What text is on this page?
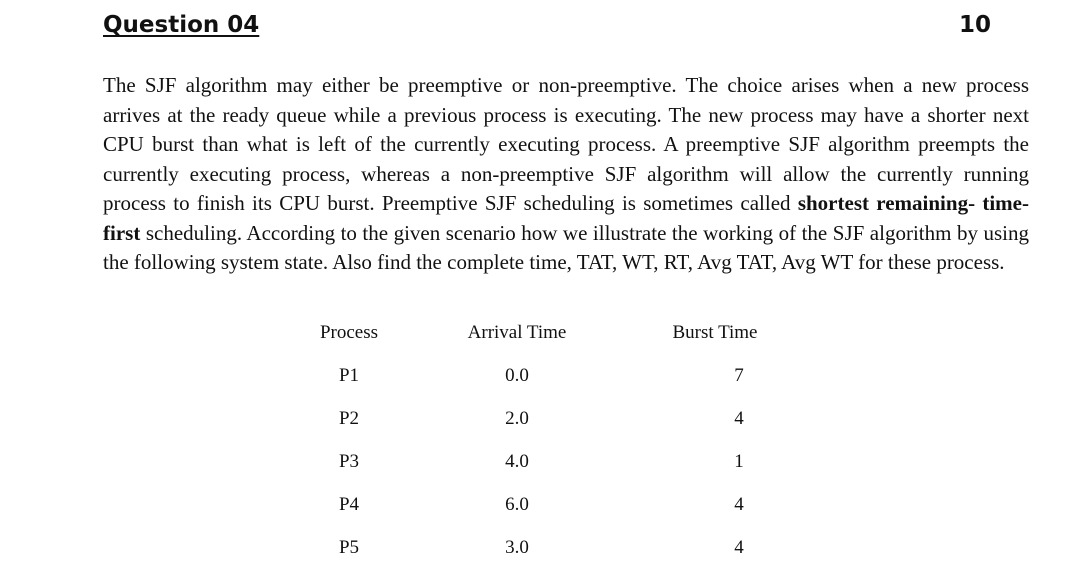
Question 04	10
The SJF algorithm may either be preemptive or non-preemptive. The choice arises when a new process arrives at the ready queue while a previous process is executing. The new process may have a shorter next CPU burst than what is left of the currently executing process. A preemptive SJF algorithm preempts the currently executing process, whereas a non-preemptive SJF algorithm will allow the currently running process to finish its CPU burst. Preemptive SJF scheduling is sometimes called shortest remaining- time-first scheduling. According to the given scenario how we illustrate the working of the SJF algorithm by using the following system state. Also find the complete time, TAT, WT, RT, Avg TAT, Avg WT for these process.
Process	Arrival Time	Burst Time
P1	0.0	7
P2	2.0	4
P3	4.0	1
P4	6.0	4
P5	3.0	4
